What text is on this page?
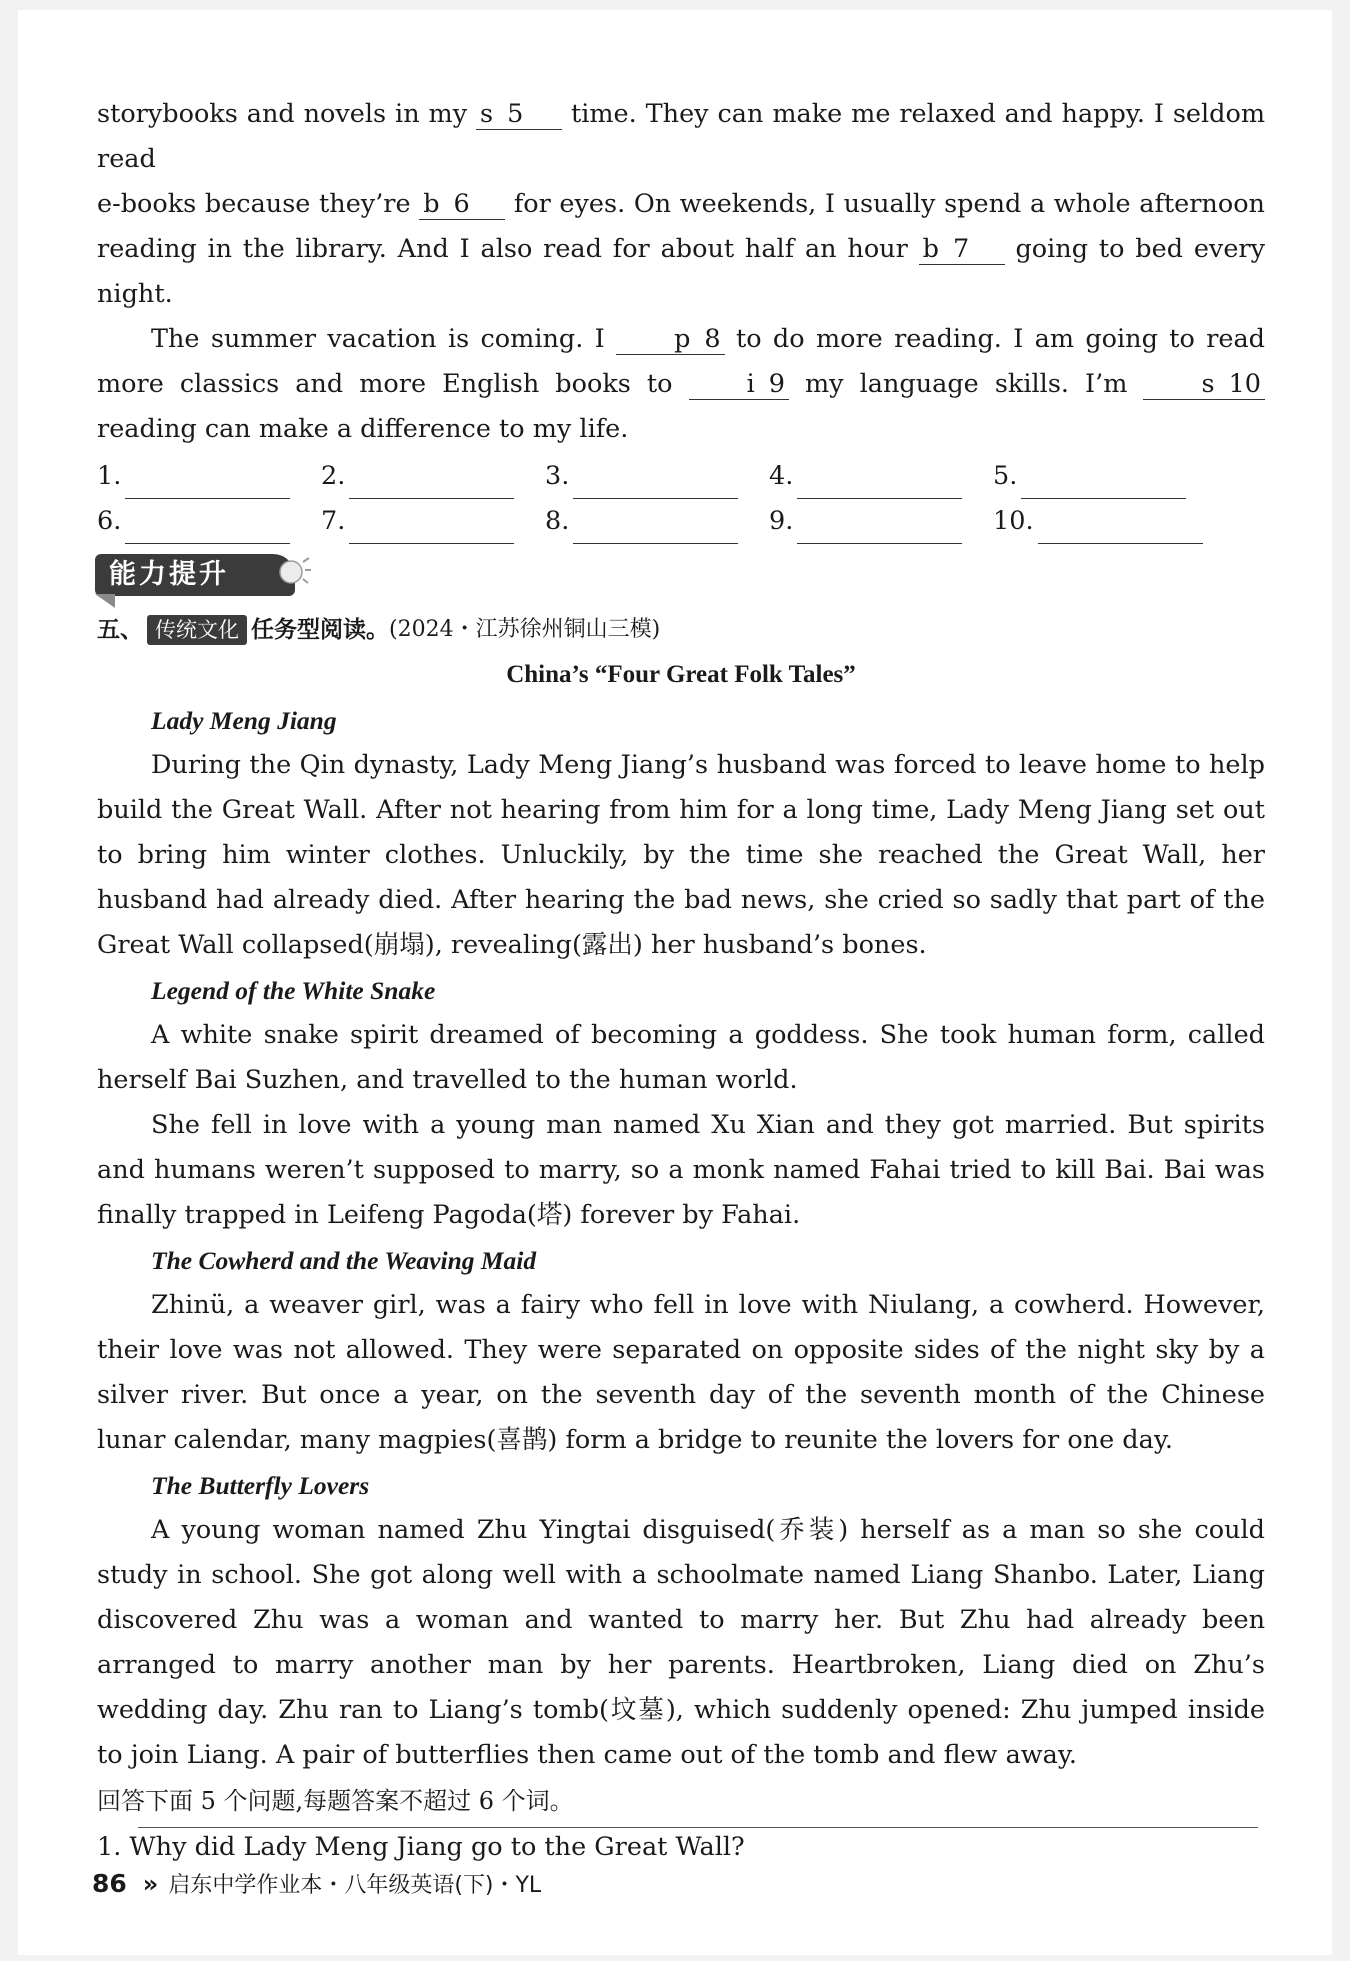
storybooks and novels in my s 5 time. They can make me relaxed and happy. I seldom read

e-books because they’re b 6 for eyes. On weekends, I usually spend a whole afternoon

reading in the library. And I also read for about half an hour b 7 going to bed every night.

The summer vacation is coming. I	p 8 to do more reading. I am going to read more classics and more English books to	i 9 my language skills. I’m	s 10 reading can make a difference to my life.

1.	2.	3.	4.	5.
6.	7.	8.	9.	10.
能力提升
五、 传统文化 任务型阅读。 (2024・江苏徐州铜山三模)
China’s “Four Great Folk Tales”
Lady Meng Jiang

During the Qin dynasty, Lady Meng Jiang’s husband was forced to leave home to help build the Great Wall. After not hearing from him for a long time, Lady Meng Jiang set out to bring him winter clothes. Unluckily, by the time she reached the Great Wall, her husband had already died. After hearing the bad news, she cried so sadly that part of the Great Wall collapsed(崩塌), revealing(露出) her husband’s bones.

Legend of the White Snake

A white snake spirit dreamed of becoming a goddess. She took human form, called herself Bai Suzhen, and travelled to the human world.

She fell in love with a young man named Xu Xian and they got married. But spirits and humans weren’t supposed to marry, so a monk named Fahai tried to kill Bai. Bai was finally trapped in Leifeng Pagoda(塔) forever by Fahai.

The Cowherd and the Weaving Maid

Zhinü, a weaver girl, was a fairy who fell in love with Niulang, a cowherd. However, their love was not allowed. They were separated on opposite sides of the night sky by a silver river. But once a year, on the seventh day of the seventh month of the Chinese lunar calendar, many magpies(喜鹊) form a bridge to reunite the lovers for one day.

The Butterfly Lovers

A young woman named Zhu Yingtai disguised(乔装) herself as a man so she could study in school. She got along well with a schoolmate named Liang Shanbo. Later, Liang discovered Zhu was a woman and wanted to marry her. But Zhu had already been arranged to marry another man by her parents. Heartbroken, Liang died on Zhu’s wedding day. Zhu ran to Liang’s tomb(坟墓), which suddenly opened: Zhu jumped inside to join Liang. A pair of butterflies then came out of the tomb and flew away.

回答下面 5 个问题,每题答案不超过 6 个词。

1. Why did Lady Meng Jiang go to the Great Wall?

86 » 启东中学作业本・八年级英语(下)・YL
